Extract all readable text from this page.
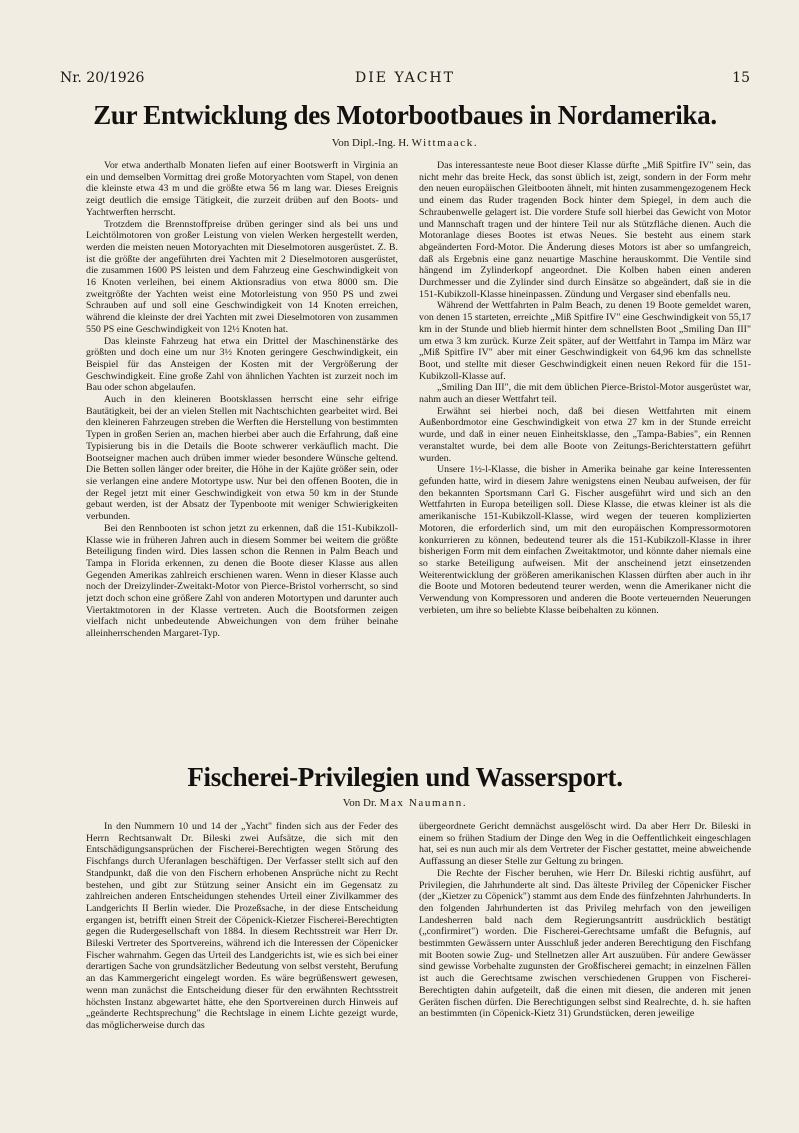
Nr. 20/1926	DIE YACHT	15
Zur Entwicklung des Motorbootbaues in Nordamerika.
Von Dipl.-Ing. H. Wittmaack.

Vor etwa anderthalb Monaten liefen auf einer Bootswerft in Virginia an ein und demselben Vormittag drei große Motoryachten vom Stapel, von denen die kleinste etwa 43 m und die größte etwa 56 m lang war. Dieses Ereignis zeigt deutlich die emsige Tätigkeit, die zurzeit drüben auf den Boots- und Yachtwerften herrscht.

Trotzdem die Brennstoffpreise drüben geringer sind als bei uns und Leichtölmotoren von großer Leistung von vielen Werken hergestellt werden, werden die meisten neuen Motoryachten mit Dieselmotoren ausgerüstet. Z. B. ist die größte der angeführten drei Yachten mit 2 Dieselmotoren ausgerüstet, die zusammen 1600 PS leisten und dem Fahrzeug eine Geschwindigkeit von 16 Knoten verleihen, bei einem Aktionsradius von etwa 8000 sm. Die zweitgrößte der Yachten weist eine Motorleistung von 950 PS und zwei Schrauben auf und soll eine Geschwindigkeit von 14 Knoten erreichen, während die kleinste der drei Yachten mit zwei Dieselmotoren von zusammen 550 PS eine Geschwindigkeit von 12½ Knoten hat.

Das kleinste Fahrzeug hat etwa ein Drittel der Maschinenstärke des größten und doch eine um nur 3½ Knoten geringere Geschwindigkeit, ein Beispiel für das Ansteigen der Kosten mit der Vergrößerung der Geschwindigkeit. Eine große Zahl von ähnlichen Yachten ist zurzeit noch im Bau oder schon abgelaufen.

Auch in den kleineren Bootsklassen herrscht eine sehr eifrige Bautätigkeit, bei der an vielen Stellen mit Nachtschichten gearbeitet wird. Bei den kleineren Fahrzeugen streben die Werften die Herstellung von bestimmten Typen in großen Serien an, machen hierbei aber auch die Erfahrung, daß eine Typisierung bis in die Details die Boote schwerer verkäuflich macht. Die Bootseigner machen auch drüben immer wieder besondere Wünsche geltend. Die Betten sollen länger oder breiter, die Höhe in der Kajüte größer sein, oder sie verlangen eine andere Motortype usw. Nur bei den offenen Booten, die in der Regel jetzt mit einer Geschwindigkeit von etwa 50 km in der Stunde gebaut werden, ist der Absatz der Typenboote mit weniger Schwierigkeiten verbunden.

Bei den Rennbooten ist schon jetzt zu erkennen, daß die 151-Kubikzoll-Klasse wie in früheren Jahren auch in diesem Sommer bei weitem die größte Beteiligung finden wird. Dies lassen schon die Rennen in Palm Beach und Tampa in Florida erkennen, zu denen die Boote dieser Klasse aus allen Gegenden Amerikas zahlreich erschienen waren. Wenn in dieser Klasse auch noch der Dreizylinder-Zweitakt-Motor von Pierce-Bristol vorherrscht, so sind jetzt doch schon eine größere Zahl von anderen Motortypen und darunter auch Viertaktmotoren in der Klasse vertreten. Auch die Bootsformen zeigen vielfach nicht unbedeutende Abweichungen von dem früher beinahe alleinherrschenden Margaret-Typ.

Das interessanteste neue Boot dieser Klasse dürfte „Miß Spitfire IV" sein, das nicht mehr das breite Heck, das sonst üblich ist, zeigt, sondern in der Form mehr den neuen europäischen Gleitbooten ähnelt, mit hinten zusammengezogenem Heck und einem das Ruder tragenden Bock hinter dem Spiegel, in dem auch die Schraubenwelle gelagert ist. Die vordere Stufe soll hierbei das Gewicht von Motor und Mannschaft tragen und der hintere Teil nur als Stützfläche dienen. Auch die Motoranlage dieses Bootes ist etwas Neues. Sie besteht aus einem stark abgeänderten Ford-Motor. Die Änderung dieses Motors ist aber so umfangreich, daß als Ergebnis eine ganz neuartige Maschine herauskommt. Die Ventile sind hängend im Zylinderkopf angeordnet. Die Kolben haben einen anderen Durchmesser und die Zylinder sind durch Einsätze so abgeändert, daß sie in die 151-Kubikzoll-Klasse hineinpassen. Zündung und Vergaser sind ebenfalls neu.

Während der Wettfahrten in Palm Beach, zu denen 19 Boote gemeldet waren, von denen 15 starteten, erreichte „Miß Spitfire IV" eine Geschwindigkeit von 55,17 km in der Stunde und blieb hiermit hinter dem schnellsten Boot „Smiling Dan III" um etwa 3 km zurück. Kurze Zeit später, auf der Wettfahrt in Tampa im März war „Miß Spitfire IV" aber mit einer Geschwindigkeit von 64,96 km das schnellste Boot, und stellte mit dieser Geschwindigkeit einen neuen Rekord für die 151-Kubikzoll-Klasse auf.

„Smiling Dan III", die mit dem üblichen Pierce-Bristol-Motor ausgerüstet war, nahm auch an dieser Wettfahrt teil.

Erwähnt sei hierbei noch, daß bei diesen Wettfahrten mit einem Außenbordmotor eine Geschwindigkeit von etwa 27 km in der Stunde erreicht wurde, und daß in einer neuen Einheitsklasse, den „Tampa-Babies", ein Rennen veranstaltet wurde, bei dem alle Boote von Zeitungs-Berichterstattern geführt wurden.

Unsere 1½-l-Klasse, die bisher in Amerika beinahe gar keine Interessenten gefunden hatte, wird in diesem Jahre wenigstens einen Neubau aufweisen, der für den bekannten Sportsmann Carl G. Fischer ausgeführt wird und sich an den Wettfahrten in Europa beteiligen soll. Diese Klasse, die etwas kleiner ist als die amerikanische 151-Kubikzoll-Klasse, wird wegen der teueren komplizierten Motoren, die erforderlich sind, um mit den europäischen Kompressormotoren konkurrieren zu können, bedeutend teurer als die 151-Kubikzoll-Klasse in ihrer bisherigen Form mit dem einfachen Zweitaktmotor, und könnte daher niemals eine so starke Beteiligung aufweisen. Mit der anscheinend jetzt einsetzenden Weiterentwicklung der größeren amerikanischen Klassen dürften aber auch in ihr die Boote und Motoren bedeutend teurer werden, wenn die Amerikaner nicht die Verwendung von Kompressoren und anderen die Boote verteuernden Neuerungen verbieten, um ihre so beliebte Klasse beibehalten zu können.

Fischerei-Privilegien und Wassersport.
Von Dr. Max Naumann.

In den Nummern 10 und 14 der „Yacht" finden sich aus der Feder des Herrn Rechtsanwalt Dr. Bileski zwei Aufsätze, die sich mit den Entschädigungsansprüchen der Fischerei-Berechtigten wegen Störung des Fischfangs durch Uferanlagen beschäftigen. Der Verfasser stellt sich auf den Standpunkt, daß die von den Fischern erhobenen Ansprüche nicht zu Recht bestehen, und gibt zur Stützung seiner Ansicht ein im Gegensatz zu zahlreichen anderen Entscheidungen stehendes Urteil einer Zivilkammer des Landgerichts II Berlin wieder. Die Prozeßsache, in der diese Entscheidung ergangen ist, betrifft einen Streit der Cöpenick-Kietzer Fischerei-Berechtigten gegen die Rudergesellschaft von 1884. In diesem Rechtsstreit war Herr Dr. Bileski Vertreter des Sportvereins, während ich die Interessen der Cöpenicker Fischer wahrnahm. Gegen das Urteil des Landgerichts ist, wie es sich bei einer derartigen Sache von grundsätzlicher Bedeutung von selbst versteht, Berufung an das Kammergericht eingelegt worden. Es wäre begrüßenswert gewesen, wenn man zunächst die Entscheidung dieser für den erwähnten Rechtsstreit höchsten Instanz abgewartet hätte, ehe den Sportvereinen durch Hinweis auf „geänderte Rechtsprechung" die Rechtslage in einem Lichte gezeigt wurde, das möglicherweise durch das

übergeordnete Gericht demnächst ausgelöscht wird. Da aber Herr Dr. Bileski in einem so frühen Stadium der Dinge den Weg in die Oeffentlichkeit eingeschlagen hat, sei es nun auch mir als dem Vertreter der Fischer gestattet, meine abweichende Auffassung an dieser Stelle zur Geltung zu bringen.

Die Rechte der Fischer beruhen, wie Herr Dr. Bileski richtig ausführt, auf Privilegien, die Jahrhunderte alt sind. Das älteste Privileg der Cöpenicker Fischer (der „Kietzer zu Cöpenick") stammt aus dem Ende des fünfzehnten Jahrhunderts. In den folgenden Jahrhunderten ist das Privileg mehrfach von den jeweiligen Landesherren bald nach dem Regierungsantritt ausdrücklich bestätigt („confirmiret") worden. Die Fischerei-Gerechtsame umfaßt die Befugnis, auf bestimmten Gewässern unter Ausschluß jeder anderen Berechtigung den Fischfang mit Booten sowie Zug- und Stellnetzen aller Art auszuüben. Für andere Gewässer sind gewisse Vorbehalte zugunsten der Großfischerei gemacht; in einzelnen Fällen ist auch die Gerechtsame zwischen verschiedenen Gruppen von Fischerei-Berechtigten dahin aufgeteilt, daß die einen mit diesen, die anderen mit jenen Geräten fischen dürfen. Die Berechtigungen selbst sind Realrechte, d. h. sie haften an bestimmten (in Cöpenick-Kietz 31) Grundstücken, deren jeweilige
